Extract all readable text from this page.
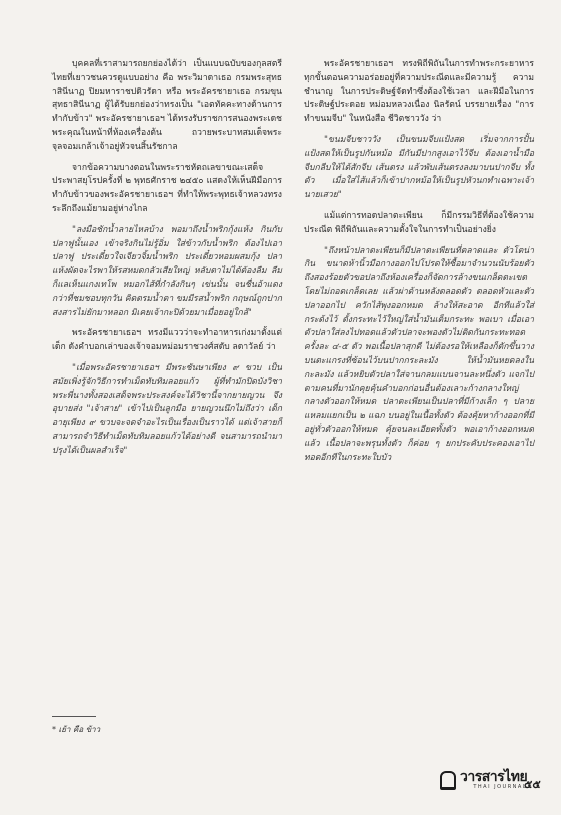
บุคคลที่เราสามารถยกย่องได้ว่า เป็นแบบฉบับของกุลสตรีไทยที่เยาวชนควรดูแบบอย่าง คือ พระวิมาดาเธอ กรมพระสุทธาสินีนาฏ ปิยมหาราชปดิวรัดา หรือ พระอัครชายาเธอ กรมขุนสุทธาสินีนาฏ ผู้ได้รับยกย่องว่าทรงเป็น "เอตทัคคะทางด้านการทำกับข้าว" พระอัครชายาเธอฯ ได้ทรงรับราชการสนองพระเดชพระคุณในหน้าที่ห้องเครื่องต้น ถวายพระบาทสมเด็จพระจุลจอมเกล้าเจ้าอยู่หัวจนสิ้นรัชกาล

จากข้อความบางตอนในพระราชหัตถเลขาขณะเสด็จประพาสยุโรปครั้งที่ ๒ พุทธศักราช ๒๔๕๐ แสดงให้เห็นฝีมือการทำกับข้าวของพระอัครชายาเธอฯ ที่ทำให้พระพุทธเจ้าหลวงทรงระลึกถึงแม้ยามอยู่ห่างไกล

"ลงมือชักน้ำลายไหลบ้าง พอมาถึงน้ำพริกกุ้งแห้ง กินกับปลาฟูนั้นเอง เข้าจริงกินไม่รู้อิ่ม ใส่ข้าวกับน้ำพริก ต้องไปเอาปลาฟู ประเดี๋ยวใจเจียวจิ้มน้ำพริก ประเดี๋ยวหอมผสมกุ้ง ปลาแห้งผัดจะไรพาให้รสหมดกลัวเสียใหญ่ หลับตาไม่ได้ต้องลืม ลืมก็แลเห็นแกงเทโพ หมอกไส้ที่กำลังกินๆ เข่นนั้น จนชื่นอ้าแดงกว่าที่ชมชอบทุกวัน คิดตรมน้ำตา ขมมีรสน้ำพริก กฤษณ์ถูกปากสงสารไม่ยักมาหลอก มิเคยเจ้ากะปิด้วยมาเมื่อยอยู่ใกล้"

พระอัครชายาเธอฯ ทรงมีแววว่าจะทำอาหารเก่งมาตั้งแต่เด็ก ดังคำบอกเล่าของเจ้าจอมหม่อมราชวงศ์สดับ ลดาวัลย์ ว่า

"เมื่อพระอัครชายาเธอฯ มีพระชันษาเพียง ๙ ขวบ เป็นสมัยเพิ่งรู้จักวิธีการทำเม็ดทับทิมลอยแก้ว ผู้ที่ทำมักปิดบังวิชา พระพี่นางทั้งสองเสด็จพระประสงค์จะได้วิชานี้จากยายญวน จึงอุบายส่ง "เจ้าสาย" เข้าไปเป็นลูกมือ ยายญวนนึกไม่ถึงว่า เด็กอายุเพียง ๙ ขวบจะจดจำอะไรเป็นเรื่องเป็นราวได้ แต่เจ้าสายก็สามารถจำวิธีทำเม็ดทับทิมลอยแก้วได้อย่างดี จนสามารถนำมาปรุงได้เป็นผลสำเร็จ"

พระอัครชายาเธอฯ ทรงพิถีพิถันในการทำพระกระยาหารทุกขั้นตอนความอร่อยอยู่ที่ความประณีตและมีความรู้ ความชำนาญ ในการประดิษฐ์จัดทำซึ่งต้องใช้เวลา และฝีมือในการประดิษฐ์ประดอย หม่อมหลวงเนื่อง นิลรัตน์ บรรยายเรื่อง "การทำขนมจีบ" ในหนังสือ ชีวิตชาววัง ว่า

"ขนมจีบชาววัง เป็นขนมจีบแป้งสด เริ่มจากการปั้นแป้งสดให้เป็นรูปกันหม้อ มีกันมีปากสูงเอาไว้จีบ ต้องเอาน้ำมือจีบกลีบให้ได้สักจีบ เส้นตรง แล้วพับเส้นตรงลงมาบนปากจีบ ทั้งตัว เมื่อใส่ไส้แล้วก็เข้าปากหม้อให้เป็นรูปหัวนกทำเฉพาะเจ้านายเสวย"

แม้แต่การทอดปลาตะเพียน ก็มีกรรมวิธีที่ต้องใช้ความประณีต พิถีพิถันและความตั้งใจในการทำเป็นอย่างยิ่ง

"ถึงหน้าปลาตะเพียนก็มีปลาตะเพียนที่ตลาดและ ตัวโตน่ากิน ขนาดห้านิ้วมือกางออกไปโปรดให้ซื้อมาจำนวนนับร้อยตัว ถึงสองร้อยตัวขอปลาถึงห้องเครื่องก็จัดการล้างขนเกล็ดตะเขตโดยไม่ถอดเกล็ดเลย แล้วผ่าด้านหลังตลอดตัว ตลอดหัวและตัวปลาออกไป ควักไส้พุงออกหมด ล้างให้สะอาด อีกทีแล้วใส่กระด้งไว้ ตั้งกระทะไว้ใหญ่ใส่น้ำมันเต็มกระทะ พอเบา เมื่อเอาตัวปลาใส่ลงไปทอดแล้วตัวปลาจะพองตัวไม่ติดกันกระทะทอดครั้งละ ๔-๕ ตัว พอเนื้อปลาสุกดี ไม่ต้องรอให้เหลืองก็ตักขึ้นวางบนตะแกรงที่ซ้อนไว้บนปากกระละมัง ให้น้ำมันหยดลงในกะละมัง แล้วหยิบตัวปลาใส่จานกลมแบนจานละหนึ่งตัว แจกไปตามคนที่มานักคุยคุ้นคำบอกก่อนอื่นต้องเลาะก้างกลางใหญ่กลางตัวออกให้หมด ปลาตะเพียนเป็นปลาที่มีก้างเล็ก ๆ ปลายแหลมแยกเป็น ๒ แฉก บนอยู่ในเนื้อทั้งตัว ต้องคุ้ยหาก้างออกที่มีอยู่ทั่วตัวออกให้หมด คุ้ยจนละเอียดทั้งตัว พอเอาก้างออกหมดแล้ว เนื้อปลาจะพรุนทั้งตัว ก็ค่อย ๆ ยกประคับประคองเอาไปทอดอีกทีในกระทะใบบัว

* เย้า คือ ข้าว
วารสารไทย
THAI JOURNAL
๕๕
